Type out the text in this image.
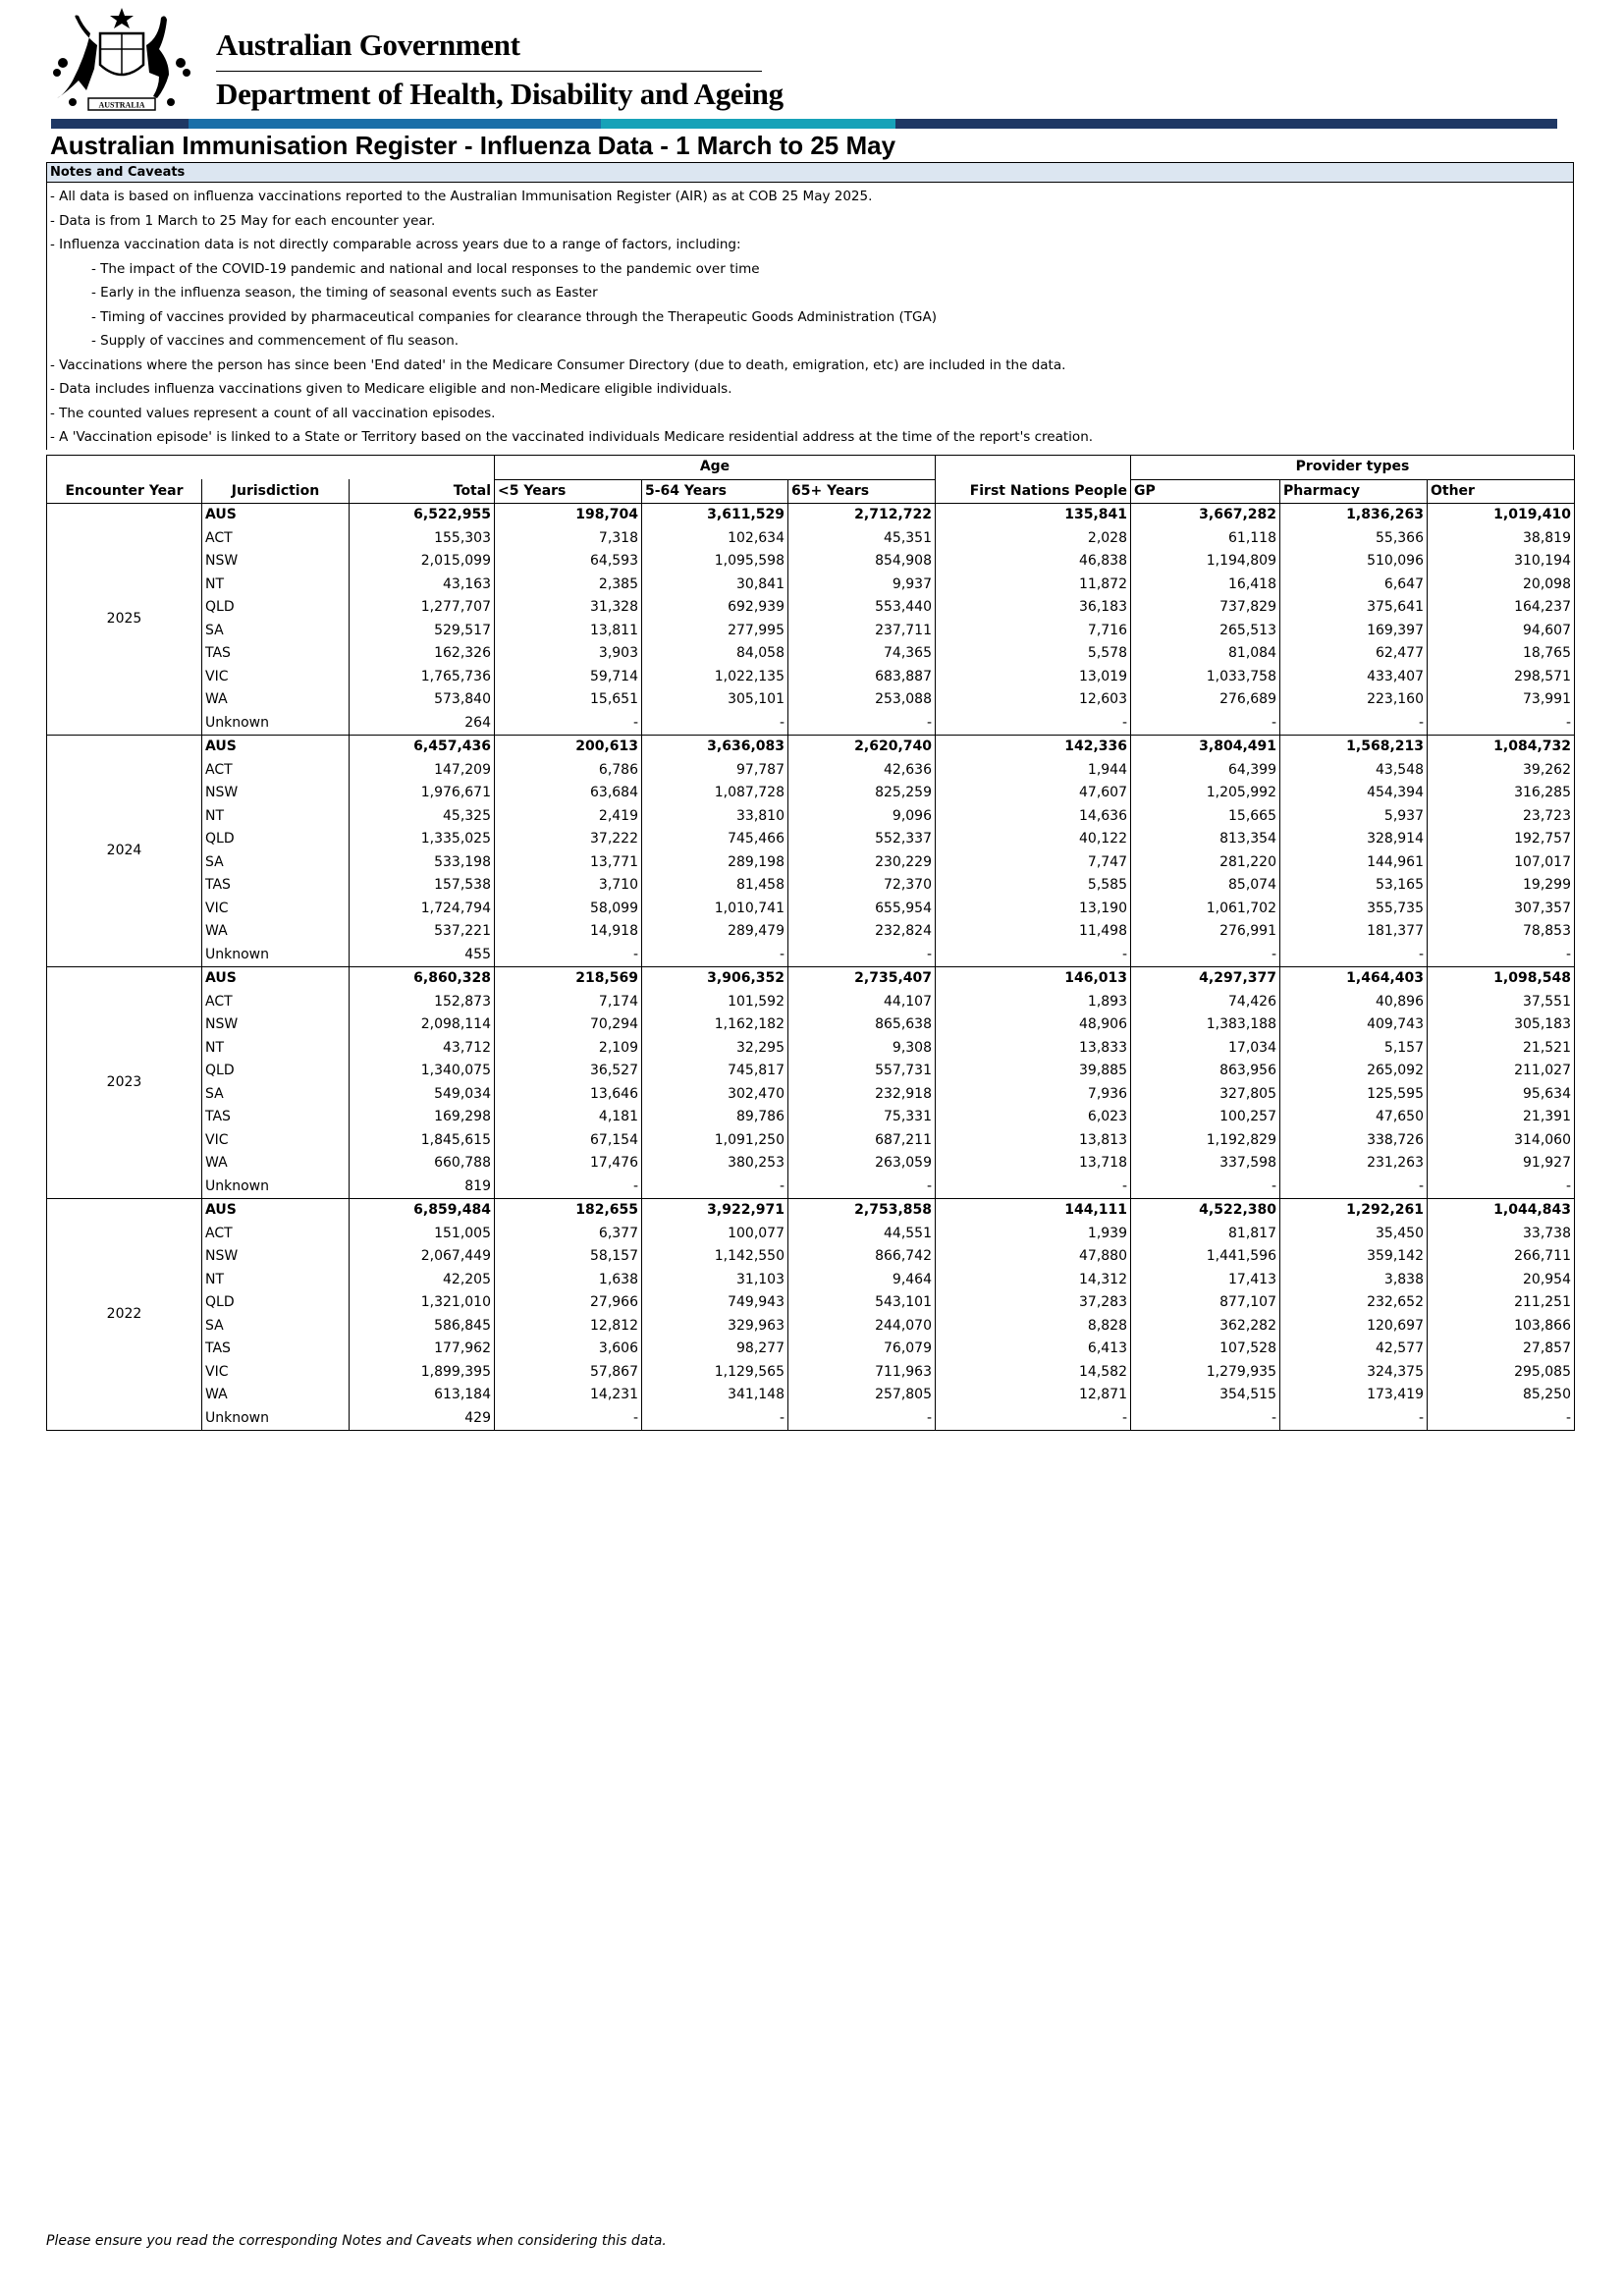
AUSTRALIA
Australian Government
Department of Health, Disability and Ageing
Australian Immunisation Register - Influenza Data - 1 March to 25 May
Notes and Caveats
- All data is based on influenza vaccinations reported to the Australian Immunisation Register (AIR) as at COB 25 May 2025.
- Data is from 1 March to 25 May for each encounter year.
- Influenza vaccination data is not directly comparable across years due to a range of factors, including:
- The impact of the COVID-19 pandemic and national and local responses to the pandemic over time
- Early in the influenza season, the timing of seasonal events such as Easter
- Timing of vaccines provided by pharmaceutical companies for clearance through the Therapeutic Goods Administration (TGA)
- Supply of vaccines and commencement of flu season.
- Vaccinations where the person has since been 'End dated' in the Medicare Consumer Directory (due to death, emigration, etc) are included in the data.
- Data includes influenza vaccinations given to Medicare eligible and non-Medicare eligible individuals.
- The counted values represent a count of all vaccination episodes.
- A 'Vaccination episode' is linked to a State or Territory based on the vaccinated individuals Medicare residential address at the time of the report's creation.
			Age				Provider types		
Encounter Year	Jurisdiction	Total	<5 Years	5-64 Years	65+ Years	First Nations People	GP	Pharmacy	Other
2025	AUS	6,522,955	198,704	3,611,529	2,712,722	135,841	3,667,282	1,836,263	1,019,410
	ACT	155,303	7,318	102,634	45,351	2,028	61,118	55,366	38,819
	NSW	2,015,099	64,593	1,095,598	854,908	46,838	1,194,809	510,096	310,194
	NT	43,163	2,385	30,841	9,937	11,872	16,418	6,647	20,098
	QLD	1,277,707	31,328	692,939	553,440	36,183	737,829	375,641	164,237
	SA	529,517	13,811	277,995	237,711	7,716	265,513	169,397	94,607
	TAS	162,326	3,903	84,058	74,365	5,578	81,084	62,477	18,765
	VIC	1,765,736	59,714	1,022,135	683,887	13,019	1,033,758	433,407	298,571
	WA	573,840	15,651	305,101	253,088	12,603	276,689	223,160	73,991
	Unknown	264	-	-	-	-	-	-	-
2024	AUS	6,457,436	200,613	3,636,083	2,620,740	142,336	3,804,491	1,568,213	1,084,732
	ACT	147,209	6,786	97,787	42,636	1,944	64,399	43,548	39,262
	NSW	1,976,671	63,684	1,087,728	825,259	47,607	1,205,992	454,394	316,285
	NT	45,325	2,419	33,810	9,096	14,636	15,665	5,937	23,723
	QLD	1,335,025	37,222	745,466	552,337	40,122	813,354	328,914	192,757
	SA	533,198	13,771	289,198	230,229	7,747	281,220	144,961	107,017
	TAS	157,538	3,710	81,458	72,370	5,585	85,074	53,165	19,299
	VIC	1,724,794	58,099	1,010,741	655,954	13,190	1,061,702	355,735	307,357
	WA	537,221	14,918	289,479	232,824	11,498	276,991	181,377	78,853
	Unknown	455	-	-	-	-	-	-	-
2023	AUS	6,860,328	218,569	3,906,352	2,735,407	146,013	4,297,377	1,464,403	1,098,548
	ACT	152,873	7,174	101,592	44,107	1,893	74,426	40,896	37,551
	NSW	2,098,114	70,294	1,162,182	865,638	48,906	1,383,188	409,743	305,183
	NT	43,712	2,109	32,295	9,308	13,833	17,034	5,157	21,521
	QLD	1,340,075	36,527	745,817	557,731	39,885	863,956	265,092	211,027
	SA	549,034	13,646	302,470	232,918	7,936	327,805	125,595	95,634
	TAS	169,298	4,181	89,786	75,331	6,023	100,257	47,650	21,391
	VIC	1,845,615	67,154	1,091,250	687,211	13,813	1,192,829	338,726	314,060
	WA	660,788	17,476	380,253	263,059	13,718	337,598	231,263	91,927
	Unknown	819	-	-	-	-	-	-	-
2022	AUS	6,859,484	182,655	3,922,971	2,753,858	144,111	4,522,380	1,292,261	1,044,843
	ACT	151,005	6,377	100,077	44,551	1,939	81,817	35,450	33,738
	NSW	2,067,449	58,157	1,142,550	866,742	47,880	1,441,596	359,142	266,711
	NT	42,205	1,638	31,103	9,464	14,312	17,413	3,838	20,954
	QLD	1,321,010	27,966	749,943	543,101	37,283	877,107	232,652	211,251
	SA	586,845	12,812	329,963	244,070	8,828	362,282	120,697	103,866
	TAS	177,962	3,606	98,277	76,079	6,413	107,528	42,577	27,857
	VIC	1,899,395	57,867	1,129,565	711,963	14,582	1,279,935	324,375	295,085
	WA	613,184	14,231	341,148	257,805	12,871	354,515	173,419	85,250
	Unknown	429	-	-	-	-	-	-	-
Please ensure you read the corresponding Notes and Caveats when considering this data.
